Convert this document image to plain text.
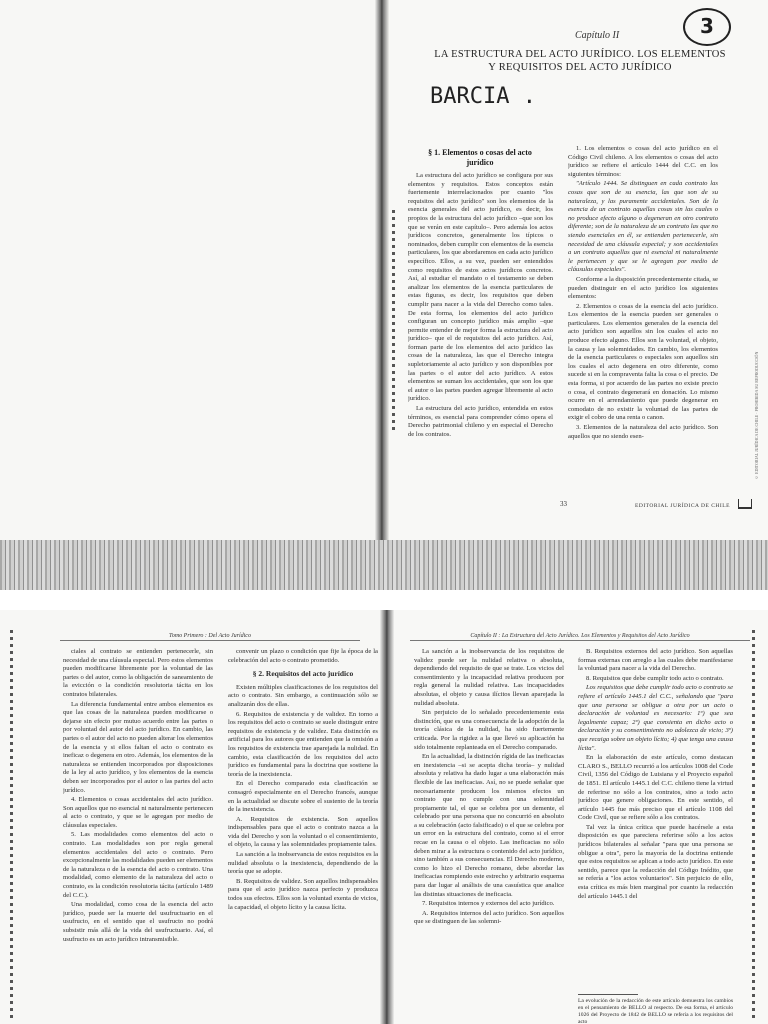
Capítulo II	3
LA ESTRUCTURA DEL ACTO JURÍDICO. LOS ELEMENTOS
Y REQUISITOS DEL ACTO JURÍDICO
BARCIA .
§ 1. Elementos o cosas del acto
jurídico

La estructura del acto jurídico se configura por sus elementos y requisitos. Estos conceptos están fuertemente interrelacionados por cuanto "los requisitos del acto jurídico" son los elementos de la esencia generales del acto jurídico, es decir, los propios de la estructura del acto jurídico –que son los que se verán en este capítulo–. Pero además los actos jurídicos concretos, generalmente los típicos o nominados, deben cumplir con elementos de la esencia particulares, los que abordaremos en cada acto jurídico específico. Ellos, a su vez, pueden ser entendidos como requisitos de estos actos jurídicos concretos. Así, al estudiar el mandato o el testamento se deben analizar los elementos de la esencia particulares de estas figuras, es decir, los requisitos que deben cumplir para nacer a la vida del Derecho como tales. De esta forma, los elementos del acto jurídico configuran un concepto jurídico más amplio –que permite entender de mejor forma la estructura del acto jurídico– que el de requisitos del acto jurídico. Así, forman parte de los elementos del acto jurídico las cosas de la naturaleza, las que el Derecho integra supletoriamente al acto jurídico y son disponibles por las partes o el autor del acto jurídico. A estos elementos se suman los accidentales, que son los que el autor o las partes pueden agregar libremente al acto jurídico.

La estructura del acto jurídico, entendida en estos términos, es esencial para comprender cómo opera el Derecho patrimonial chileno y en especial el Derecho de los contratos.

1. Los elementos o cosas del acto jurídico en el Código Civil chileno. A los elementos o cosas del acto jurídico se refiere el artículo 1444 del C.C. en los siguientes términos:

"Artículo 1444. Se distinguen en cada contrato las cosas que son de su esencia, las que son de su naturaleza, y las puramente accidentales. Son de la esencia de un contrato aquellas cosas sin las cuales o no produce efecto alguno o degeneran en otro contrato diferente; son de la naturaleza de un contrato las que no siendo esenciales en él, se entienden pertenecerle, sin necesidad de una cláusula especial; y son accidentales a un contrato aquellas que ni esencial ni naturalmente le pertenecen y que se le agregan por medio de cláusulas especiales".

Conforme a la disposición precedentemente citada, se pueden distinguir en el acto jurídico los siguientes elementos:

2. Elementos o cosas de la esencia del acto jurídico. Los elementos de la esencia pueden ser generales o particulares. Los elementos generales de la esencia del acto jurídico son aquellos sin los cuales el acto no produce efecto alguno. Ellos son la voluntad, el objeto, la causa y las solemnidades. En cambio, los elementos de la esencia particulares o especiales son aquellos sin los cuales el acto degenera en otro diferente, como sucede si en la compraventa falta la cosa o el precio. De esta forma, si por acuerdo de las partes no existe precio o cosa, el contrato degenerará en donación. Lo mismo ocurre en el arrendamiento que puede degenerar en comodato de no existir la voluntad de las partes de exigir el cobro de una renta o canon.

3. Elementos de la naturaleza del acto jurídico. Son aquellos que no siendo esen-

33	EDITORIAL JURÍDICA DE CHILE
© EDITORIAL JURÍDICA DE CHILE · PROHIBIDA SU REPRODUCCIÓN
Tomo Primero : Del Acto Jurídico	Capítulo II : La Estructura del Acto Jurídico. Los Elementos y Requisitos del Acto Jurídico

ciales al contrato se entienden pertenecerle, sin necesidad de una cláusula especial. Pero estos elementos pueden modificarse libremente por la voluntad de las partes o del autor, como la obligación de saneamiento de la evicción o la condición resolutoria tácita en los contratos bilaterales.

La diferencia fundamental entre ambos elementos es que las cosas de la naturaleza pueden modificarse o dejarse sin efecto por mutuo acuerdo entre las partes o por voluntad del autor del acto jurídico. En cambio, las partes o el autor del acto no pueden alterar los elementos de la esencia y si ellos faltan el acto o contrato es ineficaz o degenera en otro. Además, los elementos de la naturaleza se entienden incorporados por disposiciones de la ley al acto jurídico, y los elementos de la esencia deben ser incorporados por el autor o las partes del acto jurídico.

4. Elementos o cosas accidentales del acto jurídico. Son aquellos que no esencial ni naturalmente pertenecen al acto o contrato, y que se le agregan por medio de cláusulas especiales.

5. Las modalidades como elementos del acto o contrato. Las modalidades son por regla general elementos accidentales del acto o contrato. Pero excepcionalmente las modalidades pueden ser elementos de la naturaleza o de la esencia del acto o contrato. Una modalidad, como elemento de la naturaleza del acto o contrato, es la condición resolutoria tácita (artículo 1489 del C.C.).

Una modalidad, como cosa de la esencia del acto jurídico, puede ser la muerte del usufructuario en el usufructo, en el sentido que el usufructo no podrá subsistir más allá de la vida del usufructuario. Así, el usufructo es un acto jurídico intransmisible.

convenir un plazo o condición que fije la época de la celebración del acto o contrato prometido.

§ 2. Requisitos del acto jurídico

Existen múltiples clasificaciones de los requisitos del acto o contrato. Sin embargo, a continuación sólo se analizarán dos de ellas.

6. Requisitos de existencia y de validez. En torno a los requisitos del acto o contrato se suele distinguir entre requisitos de existencia y de validez. Esta distinción es artificial para los autores que entienden que la omisión a los requisitos de existencia trae aparejada la nulidad. En cambio, esta clasificación de los requisitos del acto jurídico es fundamental para la doctrina que sostiene la teoría de la inexistencia.

En el Derecho comparado esta clasificación se consagró especialmente en el Derecho francés, aunque en la actualidad se discute sobre el sustento de la teoría de la inexistencia.

A. Requisitos de existencia. Son aquellos indispensables para que el acto o contrato nazca a la vida del Derecho y son la voluntad o el consentimiento, el objeto, la causa y las solemnidades propiamente tales.

La sanción a la inobservancia de estos requisitos es la nulidad absoluta o la inexistencia, dependiendo de la teoría que se adopte.

B. Requisitos de validez. Son aquellos indispensables para que el acto jurídico nazca perfecto y produzca todos sus efectos. Ellos son la voluntad exenta de vicios, la capacidad, el objeto lícito y la causa lícita.

La sanción a la inobservancia de los requisitos de validez puede ser la nulidad relativa o absoluta, dependiendo del requisito de que se trate. Los vicios del consentimiento y la incapacidad relativa producen por regla general la nulidad relativa. Las incapacidades absolutas, el objeto y causa ilícitos llevan aparejada la nulidad absoluta.

Sin perjuicio de lo señalado precedentemente esta distinción, que es una consecuencia de la adopción de la teoría clásica de la nulidad, ha sido fuertemente criticada. Por la rigidez a la que llevó su aplicación ha sido totalmente replanteada en el Derecho comparado.

En la actualidad, la distinción rígida de las ineficacias en inexistencia –si se acepta dicha teoría– y nulidad absoluta y relativa ha dado lugar a una elaboración más flexible de las ineficacias. Así, no se puede señalar que necesariamente producen los mismos efectos un contrato que no cumple con una solemnidad propiamente tal, el que se celebra por un demente, el celebrado por una persona que no concurrió en absoluto a su celebración (acto falsificado) o el que se celebra por un error en la estructura del contrato, como si el error recae en la causa o el objeto. Las ineficacias no sólo deben mirar a la estructura o contenido del acto jurídico, sino también a sus consecuencias. El Derecho moderno, como lo hizo el Derecho romano, debe abordar las ineficacias rompiendo este estrecho y arbitrario esquema para dar lugar al análisis de una casuística que analice las distintas situaciones de ineficacia.

7. Requisitos internos y externos del acto jurídico.

A. Requisitos internos del acto jurídico. Son aquellos que se distinguen de las solemni-

B. Requisitos externos del acto jurídico. Son aquellas formas externas con arreglo a las cuales debe manifestarse la voluntad para nacer a la vida del Derecho.

8. Requisitos que debe cumplir todo acto o contrato.

Los requisitos que debe cumplir todo acto o contrato se refiere el artículo 1445.1 del C.C., señalando que "para que una persona se obligue a otra por un acto o declaración de voluntad es necesario: 1º) que sea legalmente capaz; 2º) que consienta en dicho acto o declaración y su consentimiento no adolezca de vicio; 3º) que recaiga sobre un objeto lícito; 4) que tenga una causa lícita".

En la elaboración de este artículo, como destacan CLARO S., BELLO recurrió a los artículos 1008 del Code Civil, 1356 del Código de Luisiana y el Proyecto español de 1851. El artículo 1445.1 del C.C. chileno tiene la virtud de referirse no sólo a los contratos, sino a todo acto jurídico que genere obligaciones. En este sentido, el artículo 1445 fue más preciso que el artículo 1108 del Code Civil, que se refiere sólo a los contratos.

Tal vez la única crítica que puede hacérsele a esta disposición es que pareciera referirse sólo a los actos jurídicos bilaterales al señalar "para que una persona se obligue a otra", pero la mayoría de la doctrina entiende que estos requisitos se aplican a todo acto jurídico. En este sentido, parece que la redacción del Código Inédito, que se refería a "los actos voluntarios". Sin perjuicio de ello, esta crítica es más bien marginal por cuanto la redacción del artículo 1445.1 del

La evolución de la redacción de este artículo demuestra los cambios en el pensamiento de BELLO al respecto. De esa forma, el artículo 1026 del Proyecto de 1842 de BELLO se refería a los requisitos del acto
